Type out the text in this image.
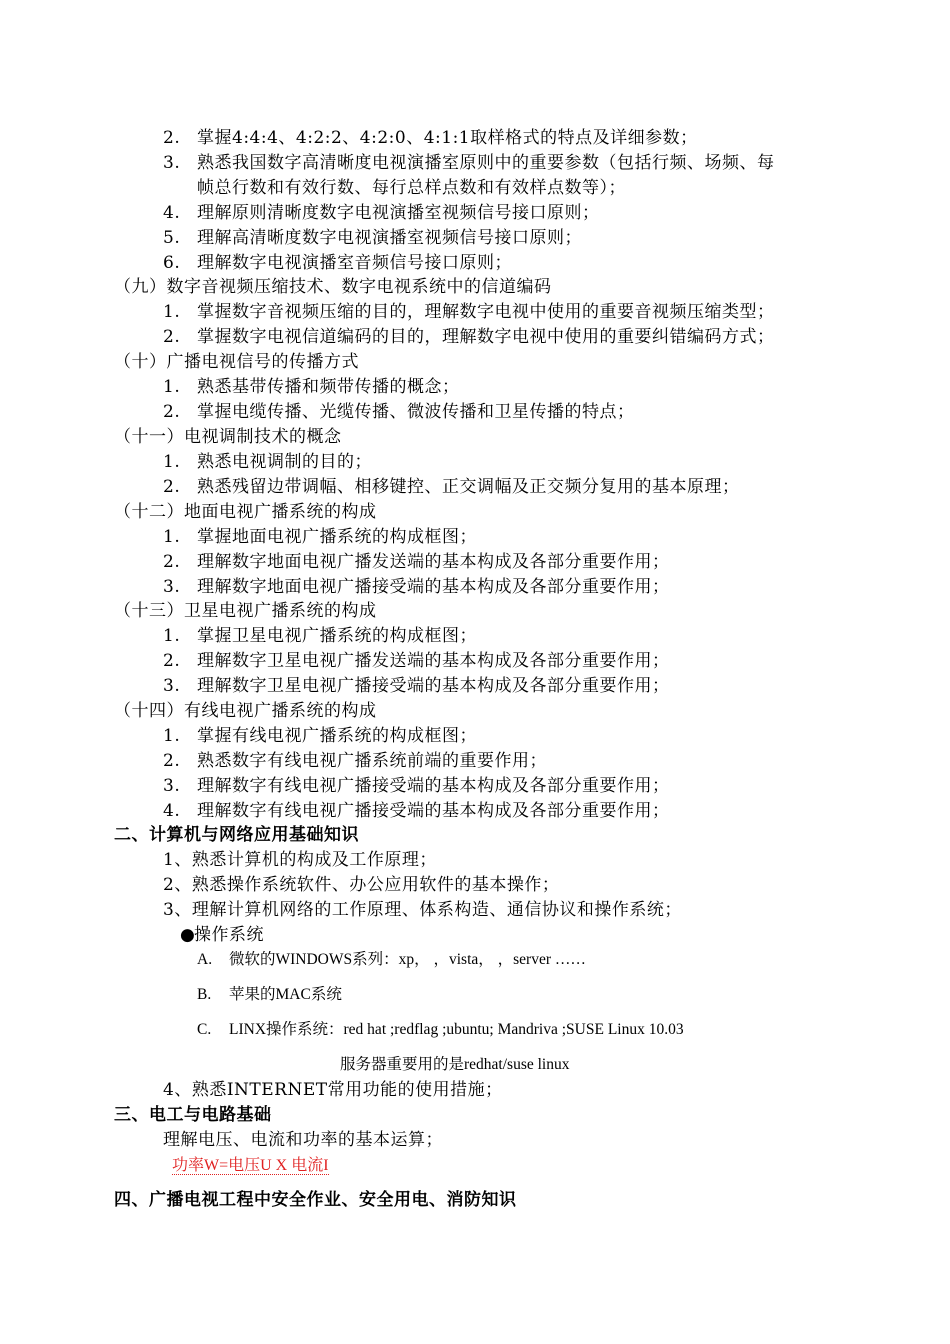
2. 掌握4:4:4、4:2:2、4:2:0、4:1:1取样格式的特点及详细参数；
3. 熟悉我国数字高清晰度电视演播室原则中的重要参数（包括行频、场频、每
帧总行数和有效行数、每行总样点数和有效样点数等）；
4. 理解原则清晰度数字电视演播室视频信号接口原则；
5. 理解高清晰度数字电视演播室视频信号接口原则；
6. 理解数字电视演播室音频信号接口原则；
（九）数字音视频压缩技术、数字电视系统中的信道编码
1. 掌握数字音视频压缩的目的，理解数字电视中使用的重要音视频压缩类型；
2. 掌握数字电视信道编码的目的，理解数字电视中使用的重要纠错编码方式；
（十）广播电视信号的传播方式
1. 熟悉基带传播和频带传播的概念；
2. 掌握电缆传播、光缆传播、微波传播和卫星传播的特点；
（十一）电视调制技术的概念
1. 熟悉电视调制的目的；
2. 熟悉残留边带调幅、相移键控、正交调幅及正交频分复用的基本原理；
（十二）地面电视广播系统的构成
1. 掌握地面电视广播系统的构成框图；
2. 理解数字地面电视广播发送端的基本构成及各部分重要作用；
3. 理解数字地面电视广播接受端的基本构成及各部分重要作用；
（十三）卫星电视广播系统的构成
1. 掌握卫星电视广播系统的构成框图；
2. 理解数字卫星电视广播发送端的基本构成及各部分重要作用；
3. 理解数字卫星电视广播接受端的基本构成及各部分重要作用；
（十四）有线电视广播系统的构成
1. 掌握有线电视广播系统的构成框图；
2. 熟悉数字有线电视广播系统前端的重要作用；
3. 理解数字有线电视广播接受端的基本构成及各部分重要作用；
4. 理解数字有线电视广播接受端的基本构成及各部分重要作用；
二、计算机与网络应用基础知识
1、熟悉计算机的构成及工作原理；
2、熟悉操作系统软件、办公应用软件的基本操作；
3、理解计算机网络的工作原理、体系构造、通信协议和操作系统；
●操作系统
A. 微软的WINDOWS系列：xp， ，vista， ，server ……
B. 苹果的MAC系统
C. LINX操作系统：red hat ;redflag ;ubuntu; Mandriva ;SUSE Linux 10.03
服务器重要用的是redhat/suse linux
4、熟悉INTERNET常用功能的使用措施；
三、电工与电路基础
理解电压、电流和功率的基本运算；
功率W=电压U X 电流I
四、广播电视工程中安全作业、安全用电、消防知识
